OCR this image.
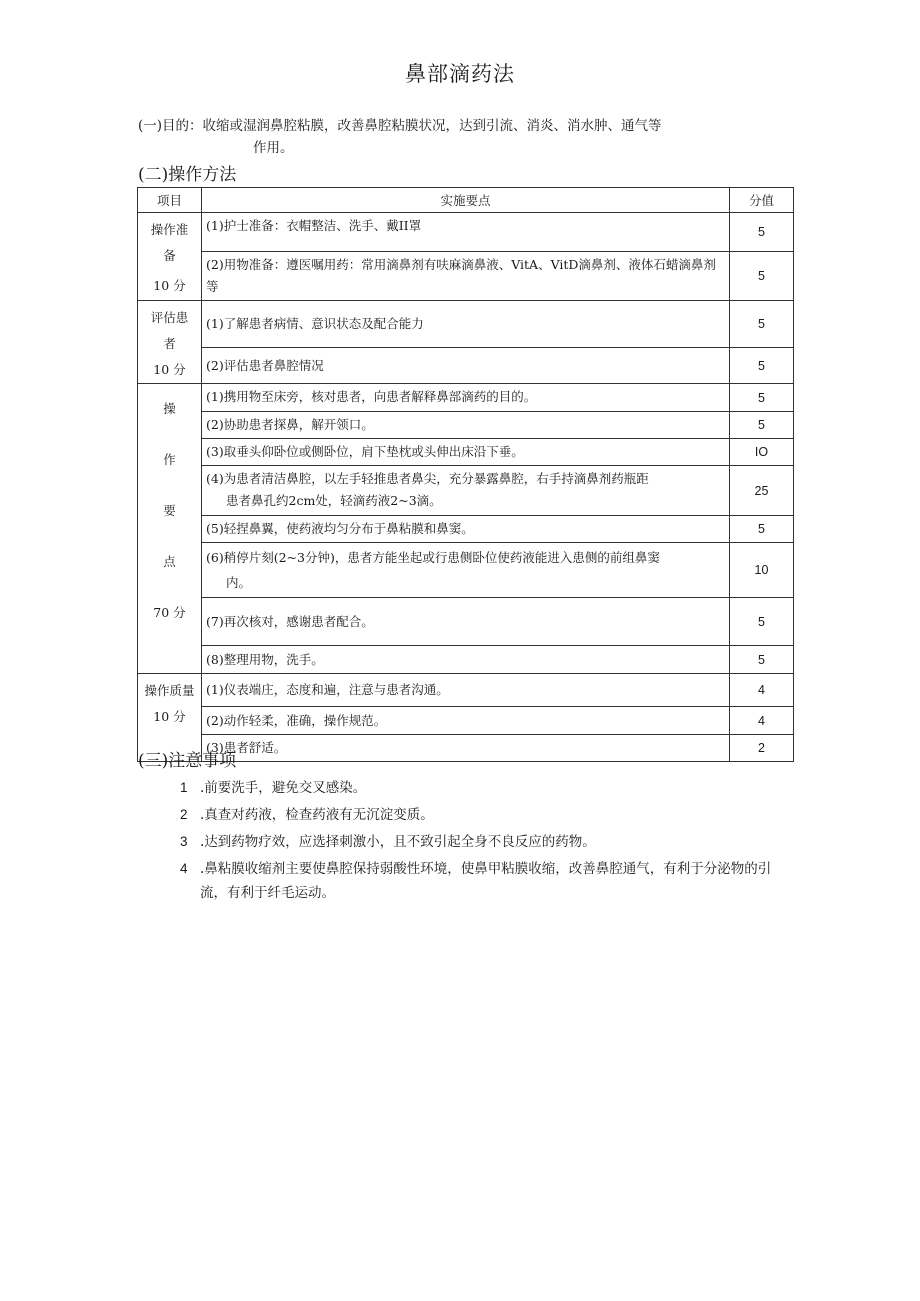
鼻部滴药法
(一)目的：收缩或湿润鼻腔粘膜，改善鼻腔粘膜状况，达到引流、消炎、消水肿、通气等
作用。
(二)操作方法
项目	实施要点	分值

操作准
备
10 分	(1)护士准备：衣帽整洁、洗手、戴II罩	5
	(2)用物准备：遵医嘱用药：常用滴鼻剂有呋麻滴鼻液、VitA、VitD滴鼻剂、液体石蜡滴鼻剂等	5

评估患
者
10 分	(1)了解患者病情、意识状态及配合能力	5
	(2)评估患者鼻腔情况	5

操
作
要
点
70 分	(1)携用物至床旁，核对患者，向患者解释鼻部滴药的目的。	5
	(2)协助患者探鼻，解开领口。	5
	(3)取垂头仰卧位或侧卧位，肩下垫枕或头伸出床沿下垂。	IO
	(4)为患者清洁鼻腔，以左手轻推患者鼻尖，充分暴露鼻腔，右手持滴鼻剂药瓶距
患者鼻孔约2cm处，轻滴药液2~3滴。	25
	(5)轻捏鼻翼，使药液均匀分布于鼻粘膜和鼻窦。	5
	(6)稍停片刻(2~3分钟)，患者方能坐起或行患侧卧位使药液能进入患侧的前组鼻窦
内。	10
	(7)再次核对，感谢患者配合。	5
	(8)整理用物，洗手。	5

操作质量
10 分	(1)仪表端庄，态度和遍，注意与患者沟通。	4
	(2)动作轻柔，准确，操作规范。	4
	(3)患者舒适。	2
(三)注意事项
1 .前要洗手，避免交叉感染。
2 .真查对药液，检查药液有无沉淀变质。
3 .达到药物疗效，应选择刺激小，且不致引起全身不良反应的药物。
4 .鼻粘膜收缩剂主要使鼻腔保持弱酸性环境，使鼻甲粘膜收缩，改善鼻腔通气，有利于分泌物的引流，有利于纤毛运动。
